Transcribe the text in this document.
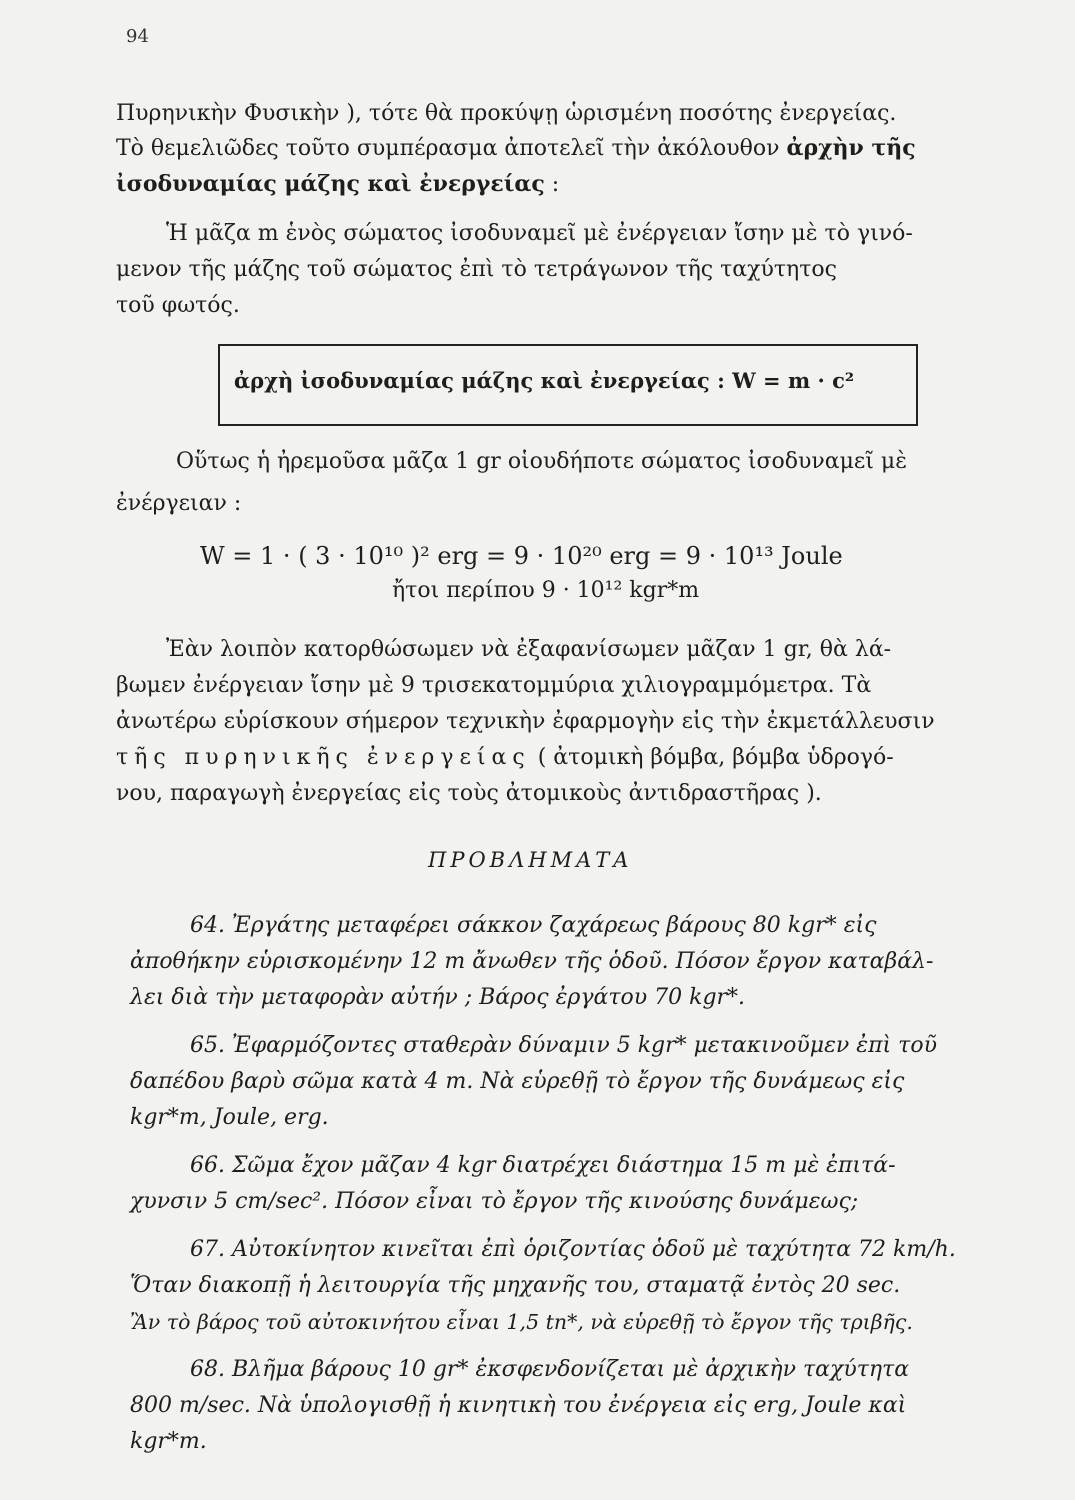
94
Πυρηνικὴν Φυσικὴν ), τότε θὰ προκύψῃ ὡρισμένη ποσότης ἐνεργείας.
Τὸ θεμελιῶδες τοῦτο συμπέρασμα ἀποτελεῖ τὴν ἀκόλουθον ἀρχὴν τῆς
ἰσοδυναμίας μάζης καὶ ἐνεργείας :
Ἡ μᾶζα m ἑνὸς σώματος ἰσοδυναμεῖ μὲ ἐνέργειαν ἴσην μὲ τὸ γινό-
μενον τῆς μάζης τοῦ σώματος ἐπὶ τὸ τετράγωνον τῆς ταχύτητος
τοῦ φωτός.
ἀρχὴ ἰσοδυναμίας μάζης καὶ ἐνεργείας : W = m · c²
Οὕτως ἡ ἠρεμοῦσα μᾶζα 1 gr οἱουδήποτε σώματος ἰσοδυναμεῖ μὲ
ἐνέργειαν :
W = 1 · ( 3 · 10¹⁰ )² erg = 9 · 10²⁰ erg = 9 · 10¹³ Joule
ἤτοι περίπου 9 · 10¹² kgr*m
Ἐὰν λοιπὸν κατορθώσωμεν νὰ ἐξαφανίσωμεν μᾶζαν 1 gr, θὰ λά-
βωμεν ἐνέργειαν ἴσην μὲ 9 τρισεκατομμύρια χιλιογραμμόμετρα. Τὰ
ἀνωτέρω εὑρίσκουν σήμερον τεχνικὴν ἐφαρμογὴν εἰς τὴν ἐκμετάλλευσιν
τῆς πυρηνικῆς ἐνεργείας ( ἀτομικὴ βόμβα, βόμβα ὑδρογό-
νου, παραγωγὴ ἐνεργείας εἰς τοὺς ἀτομικοὺς ἀντιδραστῆρας ).
ΠΡΟΒΛΗΜΑΤΑ
64. Ἐργάτης μεταφέρει σάκκον ζαχάρεως βάρους 80 kgr* εἰς
ἀποθήκην εὑρισκομένην 12 m ἄνωθεν τῆς ὁδοῦ. Πόσον ἔργον καταβάλ-
λει διὰ τὴν μεταφορὰν αὐτήν ; Βάρος ἐργάτου 70 kgr*.
65. Ἐφαρμόζοντες σταθερὰν δύναμιν 5 kgr* μετακινοῦμεν ἐπὶ τοῦ
δαπέδου βαρὺ σῶμα κατὰ 4 m. Νὰ εὑρεθῇ τὸ ἔργον τῆς δυνάμεως εἰς
kgr*m, Joule, erg.
66. Σῶμα ἔχον μᾶζαν 4 kgr διατρέχει διάστημα 15 m μὲ ἐπιτά-
χυνσιν 5 cm/sec². Πόσον εἶναι τὸ ἔργον τῆς κινούσης δυνάμεως;
67. Αὐτοκίνητον κινεῖται ἐπὶ ὁριζοντίας ὁδοῦ μὲ ταχύτητα 72 km/h.
Ὅταν διακοπῇ ἡ λειτουργία τῆς μηχανῆς του, σταματᾷ ἐντὸς 20 sec.
Ἂν τὸ βάρος τοῦ αὐτοκινήτου εἶναι 1,5 tn*, νὰ εὑρεθῇ τὸ ἔργον τῆς τριβῆς.
68. Βλῆμα βάρους 10 gr* ἐκσφενδονίζεται μὲ ἀρχικὴν ταχύτητα
800 m/sec. Νὰ ὑπολογισθῇ ἡ κινητικὴ του ἐνέργεια εἰς erg, Joule καὶ
kgr*m.
